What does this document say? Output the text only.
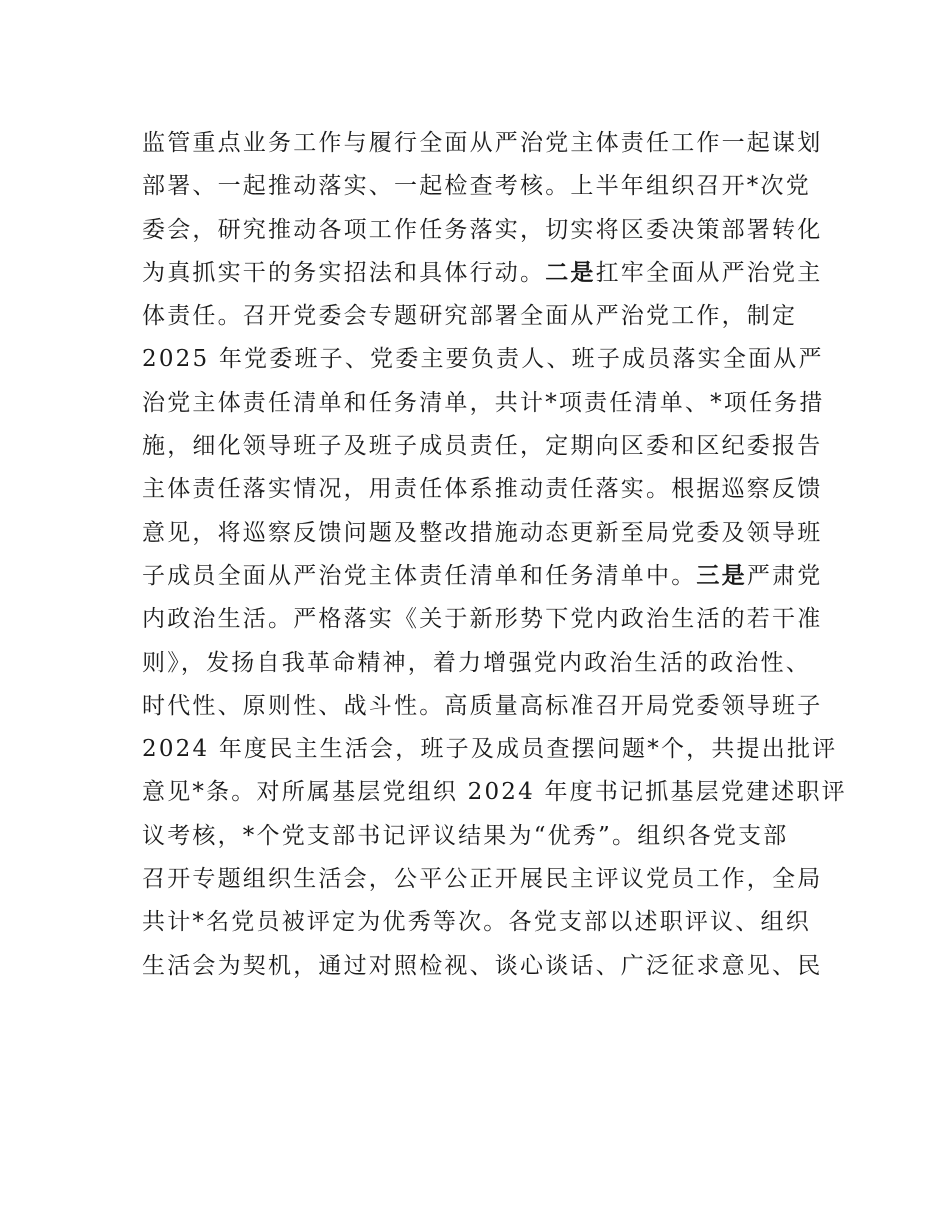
监管重点业务工作与履行全面从严治党主体责任工作一起谋划
部署、一起推动落实、一起检查考核。上半年组织召开*次党
委会，研究推动各项工作任务落实，切实将区委决策部署转化
为真抓实干的务实招法和具体行动。二是扛牢全面从严治党主
体责任。召开党委会专题研究部署全面从严治党工作，制定
2025 年党委班子、党委主要负责人、班子成员落实全面从严
治党主体责任清单和任务清单，共计*项责任清单、*项任务措
施，细化领导班子及班子成员责任，定期向区委和区纪委报告
主体责任落实情况，用责任体系推动责任落实。根据巡察反馈
意见，将巡察反馈问题及整改措施动态更新至局党委及领导班
子成员全面从严治党主体责任清单和任务清单中。三是严肃党
内政治生活。严格落实《关于新形势下党内政治生活的若干准
则》，发扬自我革命精神，着力增强党内政治生活的政治性、
时代性、原则性、战斗性。高质量高标准召开局党委领导班子
2024 年度民主生活会，班子及成员查摆问题*个，共提出批评
意见*条。对所属基层党组织 2024 年度书记抓基层党建述职评
议考核，*个党支部书记评议结果为“优秀”。组织各党支部
召开专题组织生活会，公平公正开展民主评议党员工作，全局
共计*名党员被评定为优秀等次。各党支部以述职评议、组织
生活会为契机，通过对照检视、谈心谈话、广泛征求意见、民
